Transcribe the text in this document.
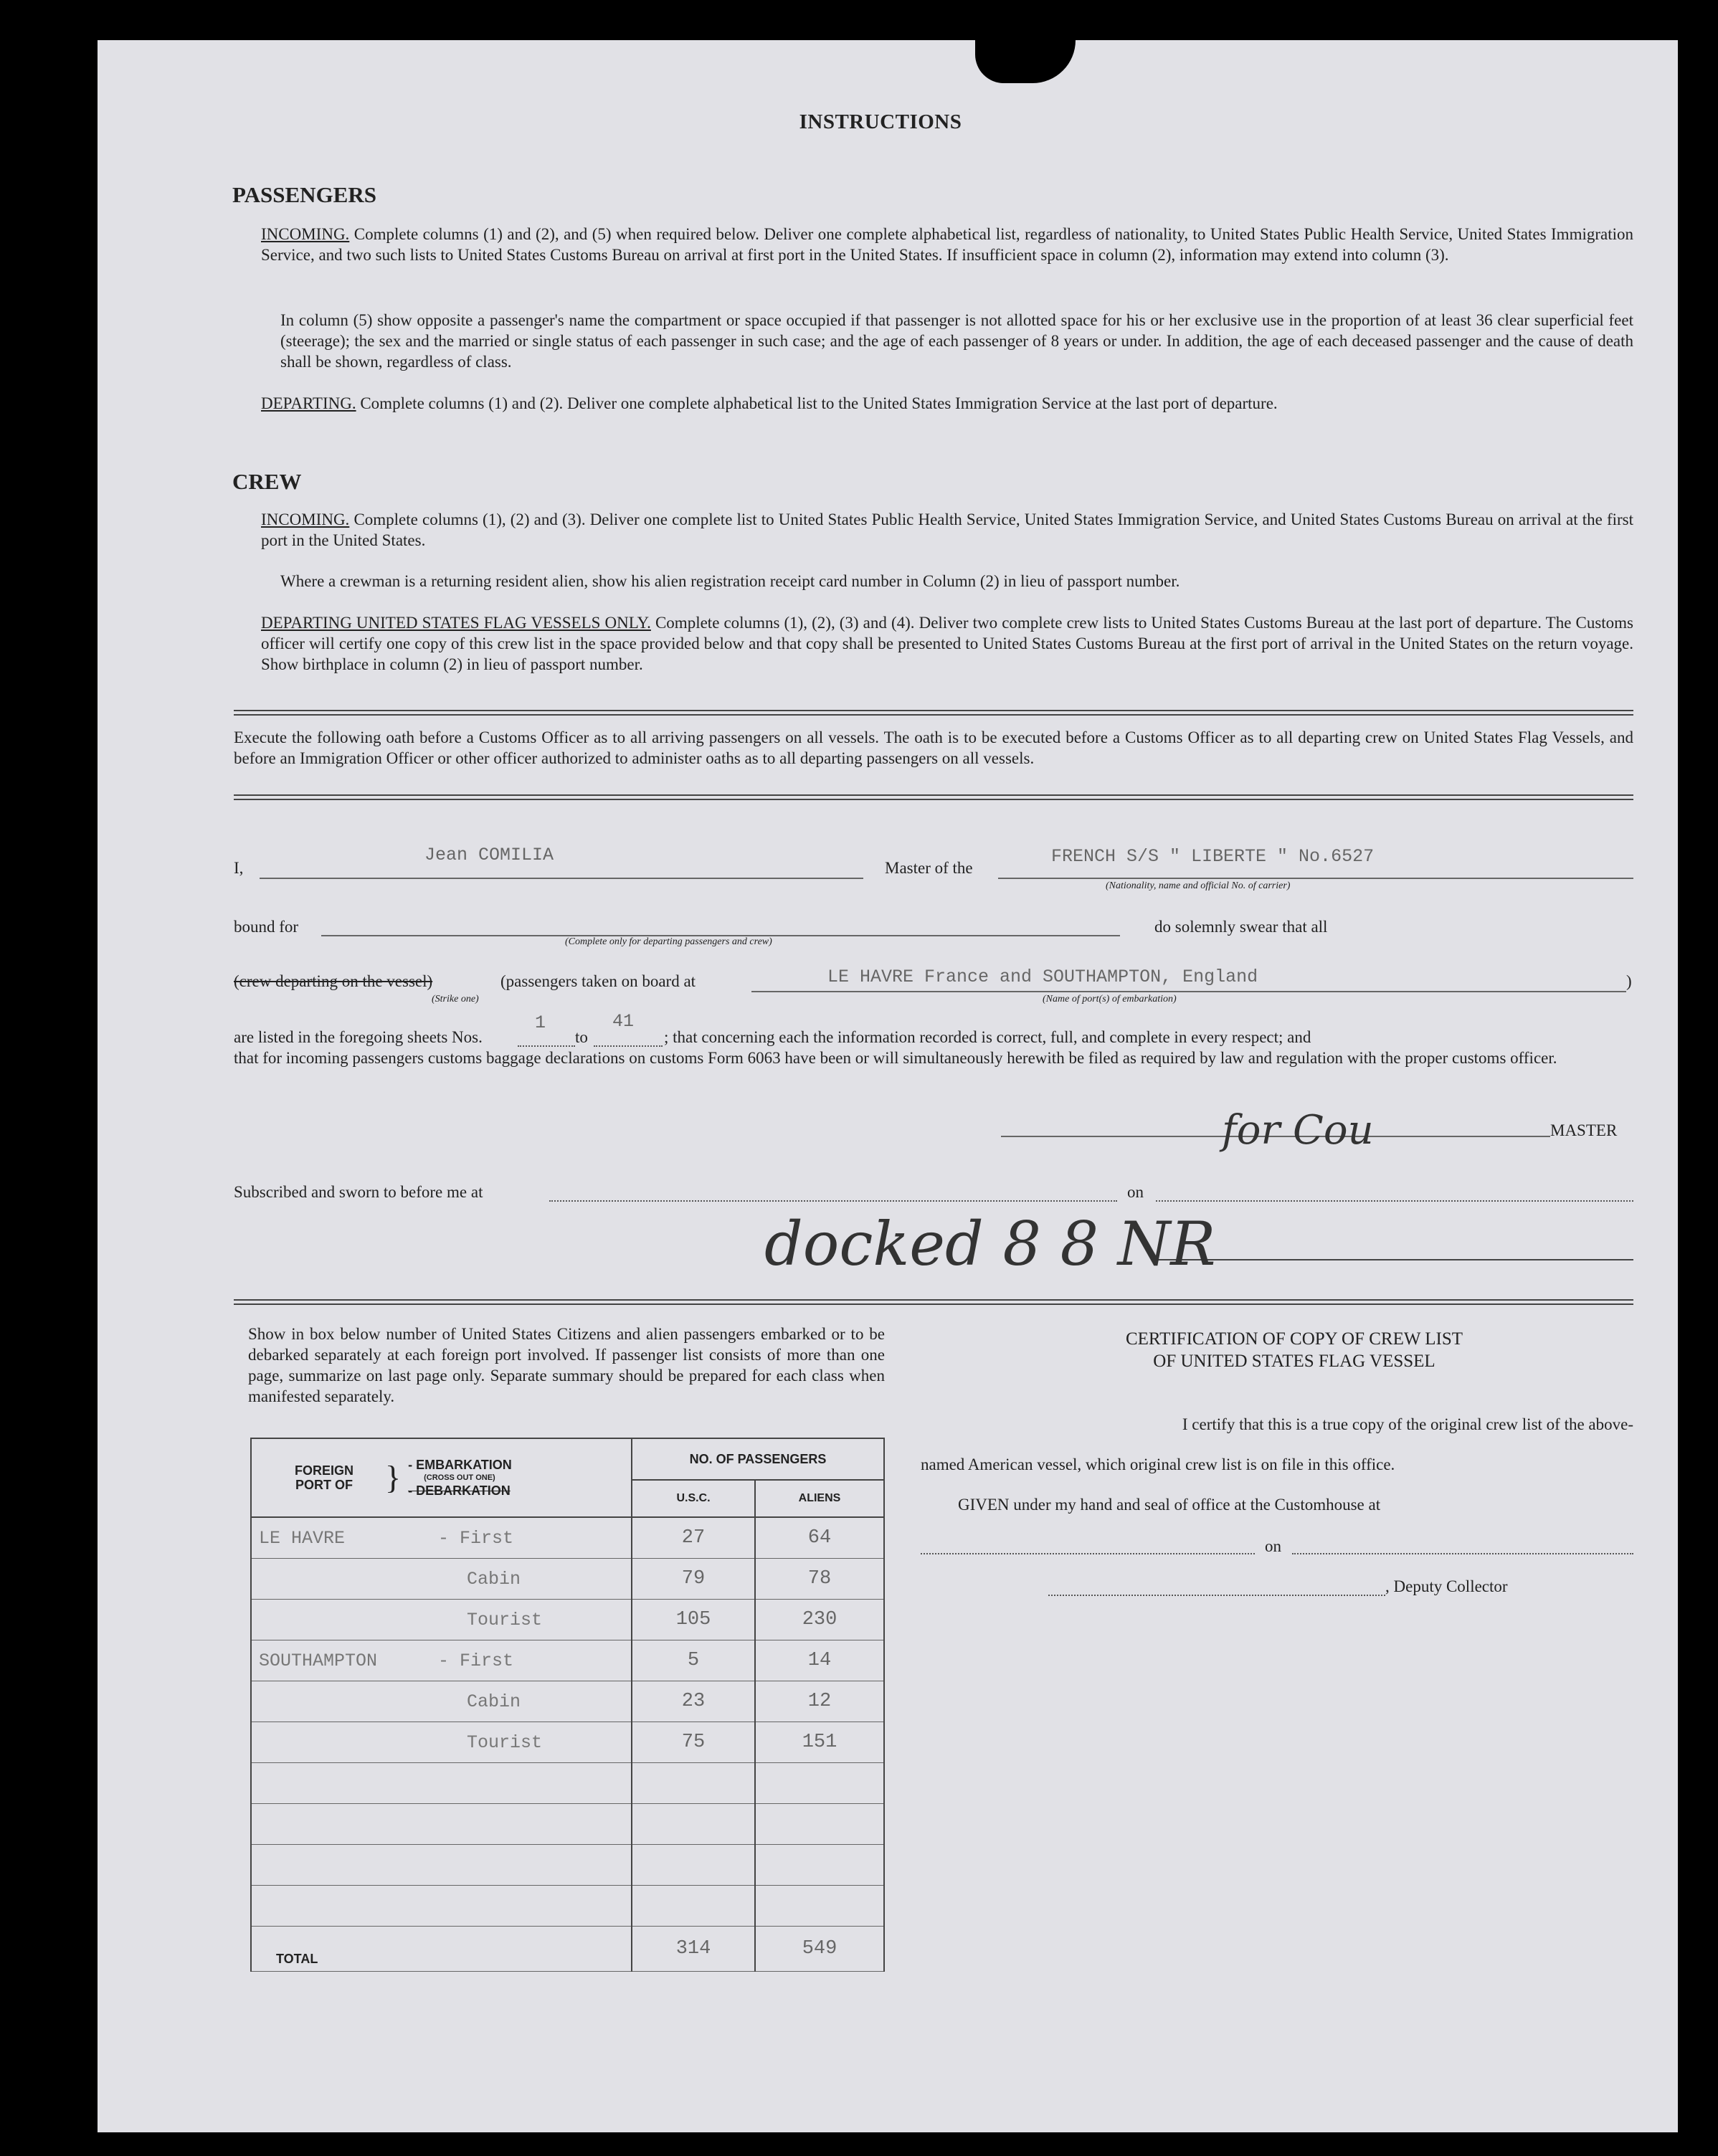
INSTRUCTIONS
PASSENGERS
INCOMING. Complete columns (1) and (2), and (5) when required below. Deliver one complete alphabetical list, regardless of nationality, to United States Public Health Service, United States Immigration Service, and two such lists to United States Customs Bureau on arrival at first port in the United States. If insufficient space in column (2), information may extend into column (3).
In column (5) show opposite a passenger's name the compartment or space occupied if that passenger is not allotted space for his or her exclusive use in the proportion of at least 36 clear superficial feet (steerage); the sex and the married or single status of each passenger in such case; and the age of each passenger of 8 years or under. In addition, the age of each deceased passenger and the cause of death shall be shown, regardless of class.
DEPARTING. Complete columns (1) and (2). Deliver one complete alphabetical list to the United States Immigration Service at the last port of departure.
CREW
INCOMING. Complete columns (1), (2) and (3). Deliver one complete list to United States Public Health Service, United States Immigration Service, and United States Customs Bureau on arrival at the first port in the United States.
Where a crewman is a returning resident alien, show his alien registration receipt card number in Column (2) in lieu of passport number.
DEPARTING UNITED STATES FLAG VESSELS ONLY. Complete columns (1), (2), (3) and (4). Deliver two complete crew lists to United States Customs Bureau at the last port of departure. The Customs officer will certify one copy of this crew list in the space provided below and that copy shall be presented to United States Customs Bureau at the first port of arrival in the United States on the return voyage. Show birthplace in column (2) in lieu of passport number.
Execute the following oath before a Customs Officer as to all arriving passengers on all vessels. The oath is to be executed before a Customs Officer as to all departing crew on United States Flag Vessels, and before an Immigration Officer or other officer authorized to administer oaths as to all departing passengers on all vessels.
I,
Jean COMILIA
Master of the
FRENCH S/S " LIBERTE " No.6527
(Nationality, name and official No. of carrier)
bound for
(Complete only for departing passengers and crew)
do solemnly swear that all
(crew departing on the vessel)
(Strike one)
(passengers taken on board at	LE HAVRE France and SOUTHAMPTON, England
(Name of port(s) of embarkation)
)
are listed in the foregoing sheets Nos.
1
to
41
; that concerning each the information recorded is correct, full, and complete in every respect; and
that for incoming passengers customs baggage declarations on customs Form 6063 have been or will simultaneously herewith be filed as required by law and regulation with the proper customs officer.
for Cou	MASTER
Subscribed and sworn to before me at	on
docked 8 8 NR
Show in box below number of United States Citizens and alien passengers embarked or to be debarked separately at each foreign port involved. If passenger list consists of more than one page, summarize on last page only. Separate summary should be prepared for each class when manifested separately.
FOREIGN PORT OF } - EMBARKATION
(CROSS OUT ONE)
- DEBARKATION		NO. OF PASSENGERS	
		U.S.C.	ALIENS
LE HAVRE	- First	27	64
	Cabin	79	78
	Tourist	105	230
SOUTHAMPTON	- First	5	14
	Cabin	23	12
	Tourist	75	151

TOTAL		314	549
CERTIFICATION OF COPY OF CREW LIST
OF UNITED STATES FLAG VESSEL
I certify that this is a true copy of the original crew list of the above-
named American vessel, which original crew list is on file in this office.
GIVEN under my hand and seal of office at the Customhouse at
on
, Deputy Collector
